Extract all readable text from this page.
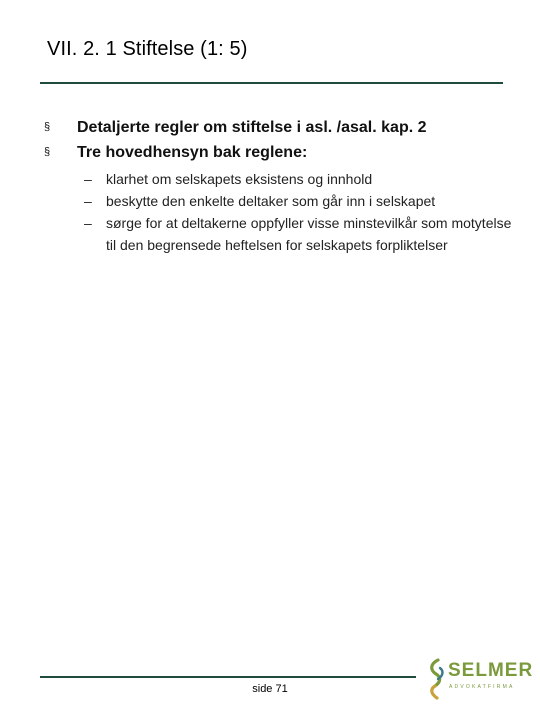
VII. 2. 1 Stiftelse (1: 5)
§ Detaljerte regler om stiftelse i asl. /asal. kap. 2
§ Tre hovedhensyn bak reglene:
– klarhet om selskapets eksistens og innhold
– beskytte den enkelte deltaker som går inn i selskapet
– sørge for at deltakerne oppfyller visse minstevilkår som motytelse til den begrensede heftelsen for selskapets forpliktelser
side 71
SELMER
ADVOKATFIRMA
